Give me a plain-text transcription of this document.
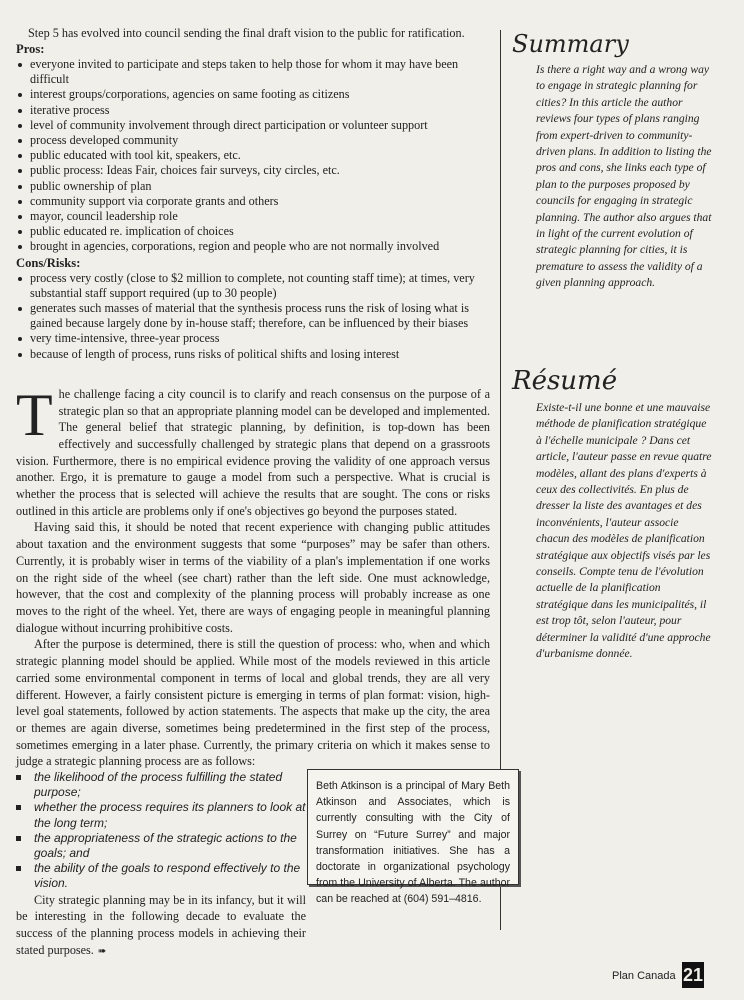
Step 5 has evolved into council sending the final draft vision to the public for ratification.

Pros:
everyone invited to participate and steps taken to help those for whom it may have been difficult
interest groups/corporations, agencies on same footing as citizens
iterative process
level of community involvement through direct participation or volunteer support
process developed community
public educated with tool kit, speakers, etc.
public process: Ideas Fair, choices fair surveys, city circles, etc.
public ownership of plan
community support via corporate grants and others
mayor, council leadership role
public educated re. implication of choices
brought in agencies, corporations, region and people who are not normally involved
Cons/Risks:
process very costly (close to $2 million to complete, not counting staff time); at times, very substantial staff support required (up to 30 people)
generates such masses of material that the synthesis process runs the risk of losing what is gained because largely done by in-house staff; therefore, can be influenced by their biases
very time-intensive, three-year process
because of length of process, runs risks of political shifts and losing interest

The challenge facing a city council is to clarify and reach consensus on the purpose of a strategic plan so that an appropriate planning model can be developed and implemented. The general belief that strategic planning, by definition, is top-down has been effectively and successfully challenged by strategic plans that depend on a grassroots vision. Furthermore, there is no empirical evidence proving the validity of one approach versus another. Ergo, it is premature to gauge a model from such a perspective. What is crucial is whether the process that is selected will achieve the results that are sought. The cons or risks outlined in this article are problems only if one's objectives go beyond the purposes stated.

Having said this, it should be noted that recent experience with changing public attitudes about taxation and the environment suggests that some “purposes” may be safer than others. Currently, it is probably wiser in terms of the viability of a plan's implementation if one works on the right side of the wheel (see chart) rather than the left side. One must acknowledge, however, that the cost and complexity of the planning process will probably increase as one moves to the right of the wheel. Yet, there are ways of engaging people in meaningful planning dialogue without incurring prohibitive costs.

After the purpose is determined, there is still the question of process: who, when and which strategic planning model should be applied. While most of the models reviewed in this article carried some environmental component in terms of local and global trends, they are all very different. However, a fairly consistent picture is emerging in terms of plan format: vision, high-level goal statements, followed by action statements. The aspects that make up the city, the area or themes are again diverse, sometimes being predetermined in the first step of the process, sometimes emerging in a later phase. Currently, the primary criteria on which it makes sense to judge a strategic planning process are as follows:

the likelihood of the process fulfilling the stated purpose;
whether the process requires its planners to look at the long term;
the appropriateness of the strategic actions to the goals; and
the ability of the goals to respond effectively to the vision.

City strategic planning may be in its infancy, but it will be interesting in the following decade to evaluate the success of the planning process models in achieving their stated purposes. ➠

Beth Atkinson is a principal of Mary Beth Atkinson and Associates, which is currently consulting with the City of Surrey on “Future Surrey” and major transformation initiatives. She has a doctorate in organizational psychology from the University of Alberta. The author can be reached at (604) 591–4816.
Summary
Is there a right way and a wrong way to engage in strategic planning for cities? In this article the author reviews four types of plans ranging from expert-driven to community-driven plans. In addition to listing the pros and cons, she links each type of plan to the purposes proposed by councils for engaging in strategic planning. The author also argues that in light of the current evolution of strategic planning for cities, it is premature to assess the validity of a given planning approach.
Résumé
Existe-t-il une bonne et une mauvaise méthode de planification stratégique à l'échelle municipale ? Dans cet article, l'auteur passe en revue quatre modèles, allant des plans d'experts à ceux des collectivités. En plus de dresser la liste des avantages et des inconvénients, l'auteur associe chacun des modèles de planification stratégique aux objectifs visés par les conseils. Compte tenu de l'évolution actuelle de la planification stratégique dans les municipalités, il est trop tôt, selon l'auteur, pour déterminer la validité d'une approche d'urbanisme donnée.
Plan Canada 21
